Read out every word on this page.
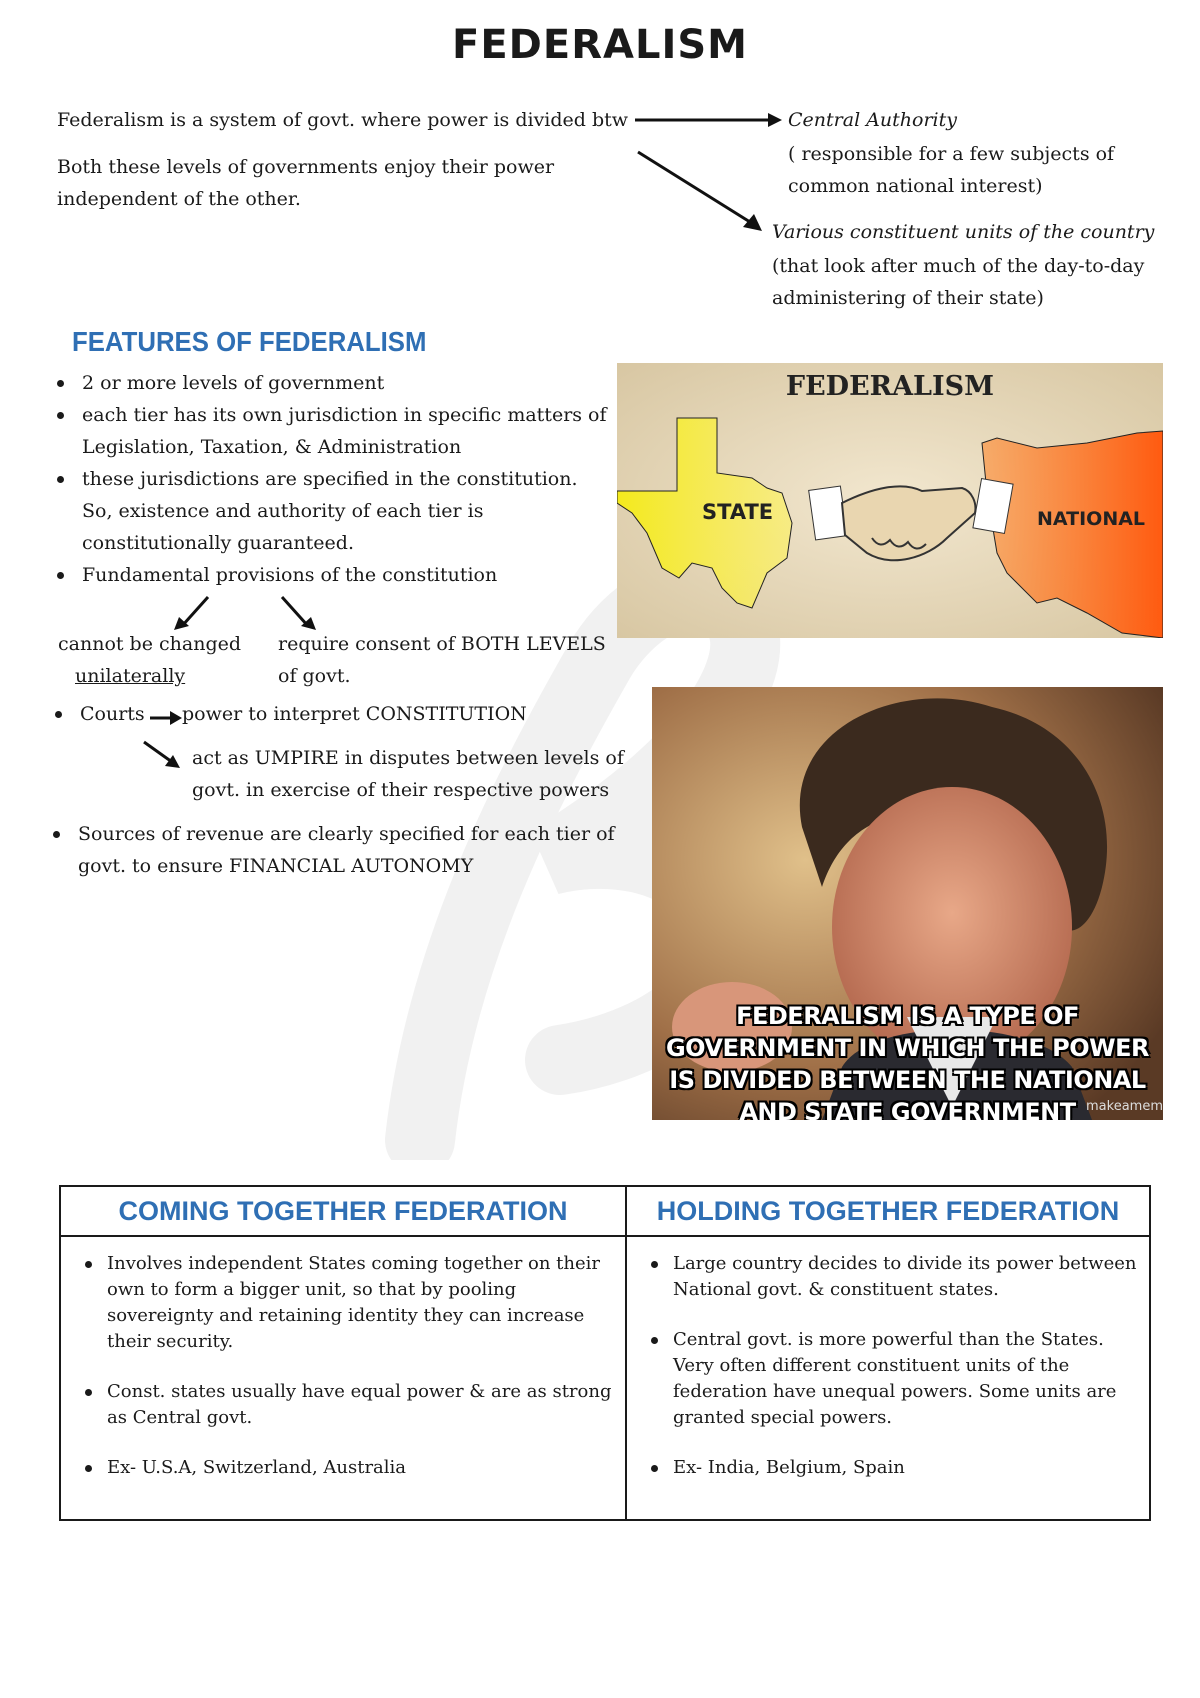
FEDERALISM
Federalism is a system of govt. where power is divided btw
Both these levels of governments enjoy their power independent of the other.
Central Authority
( responsible for a few subjects of common national interest)
Various constituent units of the country
(that look after much of the day-to-day administering of their state)
FEATURES OF FEDERALISM
2 or more levels of government
each tier has its own jurisdiction in specific matters of Legislation, Taxation, & Administration
these jurisdictions are specified in the constitution. So, existence and authority of each tier is constitutionally guaranteed.
Fundamental provisions of the constitution
cannot be changed
unilaterally
require consent of BOTH LEVELS of govt.
Courts power to interpret CONSTITUTION
act as UMPIRE in disputes between levels of govt. in exercise of their respective powers
Sources of revenue are clearly specified for each tier of govt. to ensure FINANCIAL AUTONOMY
FEDERALISM
STATE	NATIONAL
FEDERALISM IS A TYPE OF GOVERNMENT IN WHICH THE POWER IS DIVIDED BETWEEN THE NATIONAL AND STATE GOVERNMENT makeamem
COMING TOGETHER FEDERATION
Involves independent States coming together on their own to form a bigger unit, so that by pooling sovereignty and retaining identity they can increase their security.
Const. states usually have equal power & are as strong as Central govt.
Ex- U.S.A, Switzerland, Australia
HOLDING TOGETHER FEDERATION
Large country decides to divide its power between National govt. & constituent states.
Central govt. is more powerful than the States. Very often different constituent units of the federation have unequal powers. Some units are granted special powers.
Ex- India, Belgium, Spain
